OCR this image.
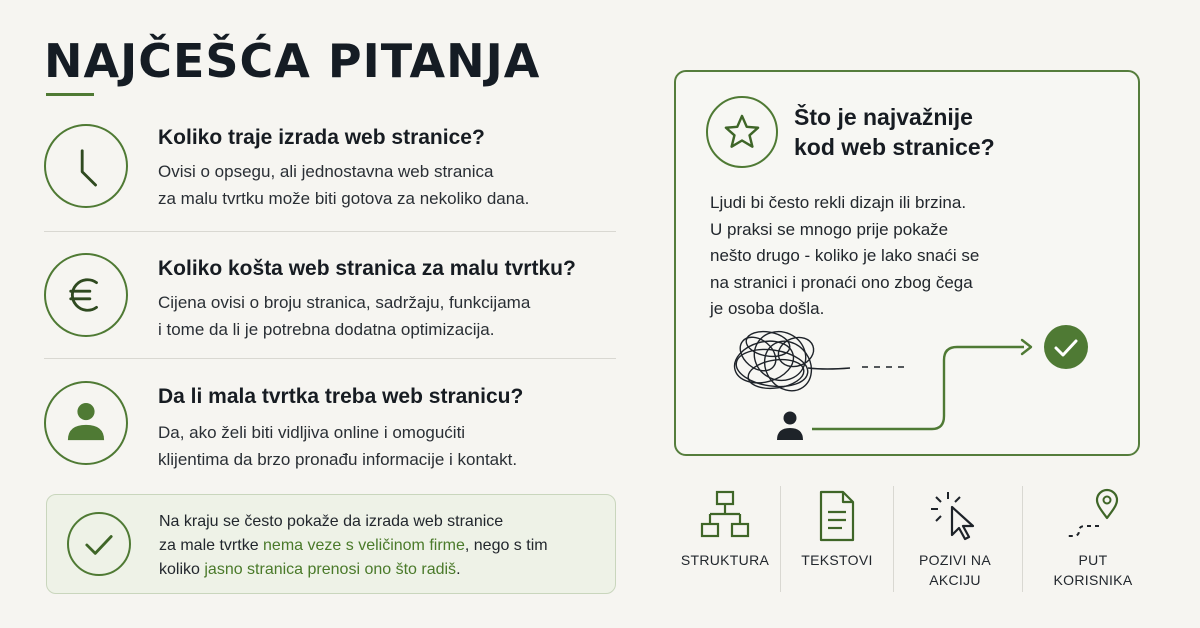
NAJČEŠĆA PITANJA
Koliko traje izrada web stranice?
Ovisi o opsegu, ali jednostavna web stranica
za malu tvrtku može biti gotova za nekoliko dana.
Koliko košta web stranica za malu tvrtku?
Cijena ovisi o broju stranica, sadržaju, funkcijama
i tome da li je potrebna dodatna optimizacija.
Da li mala tvrtka treba web stranicu?
Da, ako želi biti vidljiva online i omogućiti
klijentima da brzo pronađu informacije i kontakt.
Na kraju se često pokaže da izrada web stranice
za male tvrtke nema veze s veličinom firme, nego s tim
koliko jasno stranica prenosi ono što radiš.
Što je najvažnije
kod web stranice?
Ljudi bi često rekli dizajn ili brzina.
U praksi se mnogo prije pokaže
nešto drugo - koliko je lako snaći se
na stranici i pronaći ono zbog čega
je osoba došla.
STRUKTURA	TEKSTOVI	POZIVI NA
AKCIJU
PUT
KORISNIKA
